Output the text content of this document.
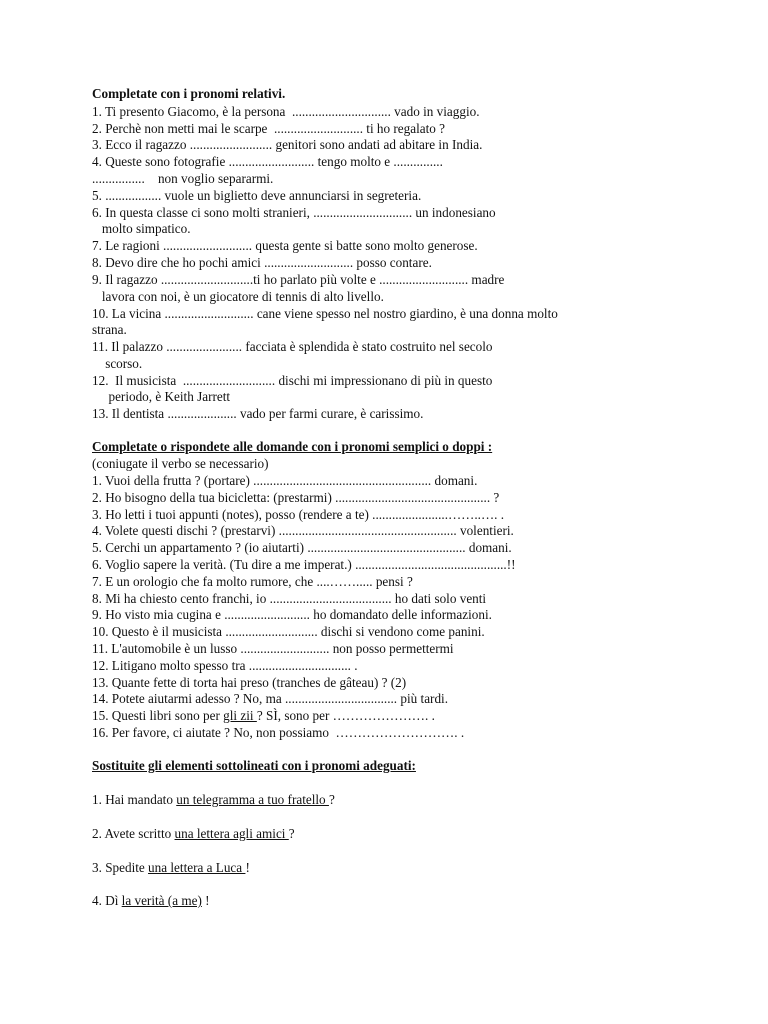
Completate con i pronomi relativi.
1. Ti presento Giacomo, è la persona  .............................. vado in viaggio.
2. Perchè non metti mai le scarpe  ........................... ti ho regalato ?
3. Ecco il ragazzo ......................... genitori sono andati ad abitare in India.
4. Queste sono fotografie .......................... tengo molto e ...............
................    non voglio separarmi.
5. ................. vuole un biglietto deve annunciarsi in segreteria.
6. In questa classe ci sono molti stranieri, .............................. un indonesiano
molto simpatico.
7. Le ragioni ........................... questa gente si batte sono molto generose.
8. Devo dire che ho pochi amici ........................... posso contare.
9. Il ragazzo ............................ti ho parlato più volte e ........................... madre
lavora con noi, è un giocatore di tennis di alto livello.
10. La vicina ........................... cane viene spesso nel nostro giardino, è una donna molto
strana.
11. Il palazzo ....................... facciata è splendida è stato costruito nel secolo
scorso.
12.  Il musicista  ............................ dischi mi impressionano di più in questo
periodo, è Keith Jarrett
13. Il dentista ..................... vado per farmi curare, è carissimo.
Completate o rispondete alle domande con i pronomi semplici o doppi :
(coniugate il verbo se necessario)
1. Vuoi della frutta ? (portare) ...................................................... domani.
2. Ho bisogno della tua bicicletta: (prestarmi) ............................................... ?
3. Ho letti i tuoi appunti (notes), posso (rendere a te) .......................……..…. .
4. Volete questi dischi ? (prestarvi) ...................................................... volentieri.
5. Cerchi un appartamento ? (io aiutarti) ................................................ domani.
6. Voglio sapere la verità. (Tu dire a me imperat.) ..............................................!!
7. E un orologio che fa molto rumore, che ....……..... pensi ?
8. Mi ha chiesto cento franchi, io ..................................... ho dati solo venti
9. Ho visto mia cugina e .......................... ho domandato delle informazioni.
10. Questo è il musicista ............................ dischi si vendono come panini.
11. L'automobile è un lusso ........................... non posso permettermi
12. Litigano molto spesso tra ............................... .
13. Quante fette di torta hai preso (tranches de gâteau) ? (2)
14. Potete aiutarmi adesso ? No, ma .................................. più tardi.
15. Questi libri sono per gli zii ? SÌ, sono per …………………. .
16. Per favore, ci aiutate ? No, non possiamo  ………………………. .
Sostituite gli elementi sottolineati con i pronomi adeguati:
1. Hai mandato un telegramma a tuo fratello ?
2. Avete scritto una lettera agli amici ?
3. Spedite una lettera a Luca !
4. Dì la verità (a me) !
